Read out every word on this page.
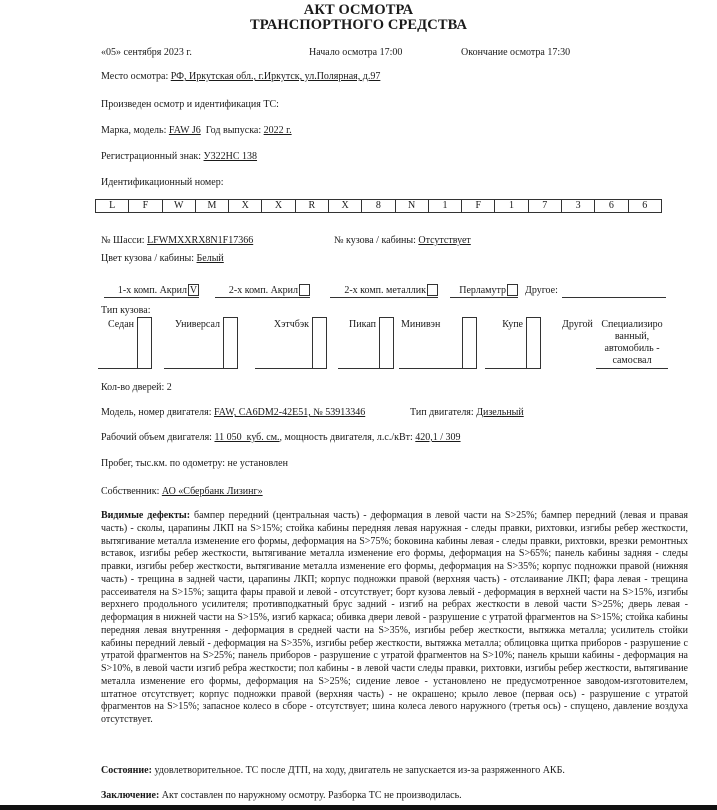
АКТ ОСМОТРА
ТРАНСПОРТНОГО СРЕДСТВА
«05» сентября 2023 г.	Начало осмотра 17:00	Окончание осмотра 17:30
Место осмотра: РФ, Иркутская обл., г.Иркутск, ул.Полярная, д.97
Произведен осмотр и идентификация ТС:
Марка, модель: FAW J6 Год выпуска: 2022 г.
Регистрационный знак: У322НС 138
Идентификационный номер:
L	F	W	M	X	X	R	X	8	N	1	F	1	7	3	6	6
№ Шасси: LFWMXXRX8N1F17366	№ кузова / кабины: Отсутствует
Цвет кузова / кабины: Белый
1-х комп. Акрил V	2-х комп. Акрил	2-х комп. металлик	Перламутр	Другое:
Тип кузова:
Седан	Универсал	Хэтчбэк	Пикап	Минивэн	Купе	Другой Специализиро ванный, автомобиль - самосвал
Кол-во дверей: 2
Модель, номер двигателя: FAW, CA6DM2-42E51, № 53913346	Тип двигателя: Дизельный
Рабочий объем двигателя: 11 050  куб. см., мощность двигателя, л.с./кВт: 420,1 / 309
Пробег, тыс.км. по одометру: не установлен
Собственник: АО «Сбербанк Лизинг»
Видимые дефекты: бампер передний (центральная часть) - деформация в левой части на S>25%; бампер передний (левая и правая часть) - сколы, царапины ЛКП на S>15%; стойка кабины передняя левая наружная - следы правки, рихтовки, изгибы ребер жесткости, вытягивание металла изменение его формы, деформация на S>75%; боковина кабины левая - следы правки, рихтовки, врезки ремонтных вставок, изгибы ребер жесткости, вытягивание металла изменение его формы, деформация на S>65%; панель кабины задняя - следы правки, изгибы ребер жесткости, вытягивание металла изменение его формы, деформация на S>35%; корпус подножки правой (нижняя часть) - трещина в задней части, царапины ЛКП; корпус подножки правой (верхняя часть) - отслаивание ЛКП; фара левая - трещина рассеивателя на S>15%; защита фары правой и левой - отсутствует; борт кузова левый - деформация в верхней части на S>15%, изгибы верхнего продольного усилителя; противподкатный брус задний - изгиб на ребрах жесткости в левой части S>25%; дверь левая - деформация в нижней части на S>15%, изгиб каркаса; обивка двери левой - разрушение с утратой фрагментов на S>15%; стойка кабины передняя левая внутренняя - деформация в средней части на S>35%, изгибы ребер жесткости, вытяжка металла; усилитель стойки кабины передний левый - деформация на S>35%, изгибы ребер жесткости, вытяжка металла; облицовка щитка приборов - разрушение с утратой фрагментов на S>25%; панель приборов - разрушение с утратой фрагментов на S>10%; панель крыши кабины - деформация на S>10%, в левой части изгиб ребра жесткости; пол кабины - в левой части следы правки, рихтовки, изгибы ребер жесткости, вытягивание металла изменение его формы, деформация на S>25%; сидение левое - установлено не предусмотренное заводом-изготовителем, штатное отсутствует; корпус подножки правой (верхняя часть) - не окрашено; крыло левое (первая ось) - разрушение с утратой фрагментов на S>15%; запасное колесо в сборе - отсутствует; шина колеса левого наружного (третья ось) - спущено, давление воздуха отсутствует.
Состояние: удовлетворительное. ТС после ДТП, на ходу, двигатель не запускается из-за разряженного АКБ.
Заключение: Акт составлен по наружному осмотру. Разборка ТС не производилась.
